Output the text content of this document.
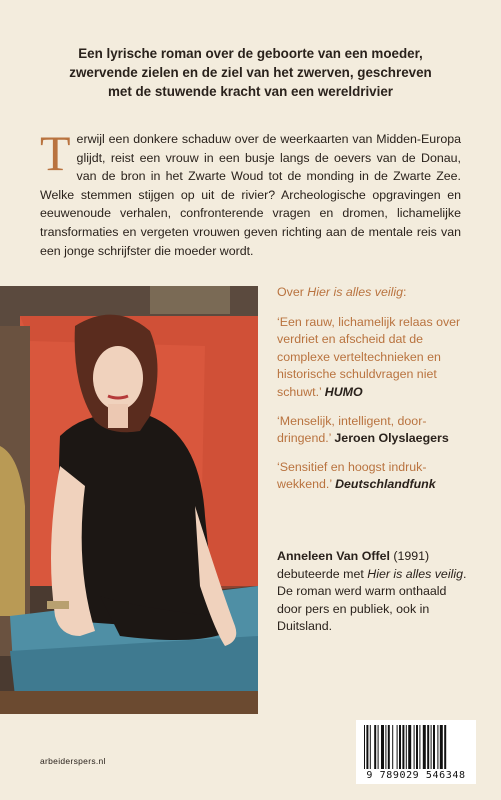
Een lyrische roman over de geboorte van een moeder,
zwervende zielen en de ziel van het zwerven, geschreven
met de stuwende kracht van een wereldrivier
T erwijl een donkere schaduw over de weerkaarten van Midden-Europa glijdt, reist een vrouw in een busje langs de oevers van de Donau, van de bron in het Zwarte Woud tot de monding in de Zwarte Zee. Welke stemmen stijgen op uit de rivier? Archeologische opgravingen en eeuwenoude verhalen, confronterende vragen en dromen, lichamelijke transformaties en vergeten vrouwen geven richting aan de mentale reis van een jonge schrijfster die moeder wordt.
Over Hier is alles veilig:
‘Een rauw, lichamelijk relaas over verdriet en afscheid dat de complexe verteltechnieken en historische schuldvragen niet schuwt.’ HUMO
‘Menselijk, intelligent, door-dringend.’ Jeroen Olyslaegers
‘Sensitief en hoogst indruk-wekkend.’ Deutschlandfunk
Anneleen Van Offel (1991) debuteerde met Hier is alles veilig. De roman werd warm onthaald door pers en publiek, ook in Duitsland.
arbeiderspers.nl
9 789029 546348
